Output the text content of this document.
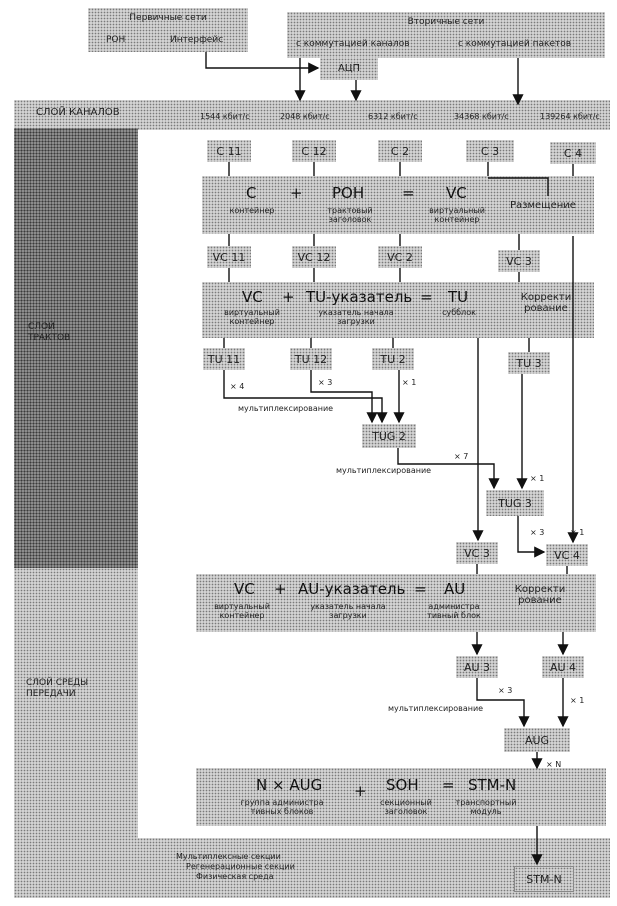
Первичные сети
РОН	Интерфейс
Вторичные сети
с коммутацией каналов	с коммутацией пакетов
АЦП
СЛОЙ КАНАЛОВ	1544 кбит/с	2048 кбит/с	6312 кбит/с	34368 кбит/с	139264 кбит/с
C 11	C 12	C 2	C 3	C 4
C
контейнер
+ POH
трактовый заголовок
= VC
виртуальный контейнер
Размещение
VC 11	VC 12	VC 2	VC 3
VC
виртуальный контейнер
+ TU-указатель
указатель начала загрузки
= TU
субблок
Корректи рование
СЛОЙ ТРАКТОВ
TU 11	TU 12	TU 2	TU 3
× 4	× 3	× 1
мультиплексирование
TUG 2
× 7
мультиплексирование
× 1
TUG 3
× 3	× 1
VC 3	VC 4
VC
виртуальный контейнер
+ AU-указатель
указатель начала загрузки
= AU
администра тивный блок
Корректи рование
AU 3	AU 4
СЛОЙ СРЕДЫ ПЕРЕДАЧИ	× 3
× 1
мультиплексирование
AUG
× N
N × AUG
группа администра тивных блоков
+ SOH
секционный заголовок
= STM-N
транспортный модуль
Мультиплексные секции
Регенерационные секции
Физическая среда	STM-N
